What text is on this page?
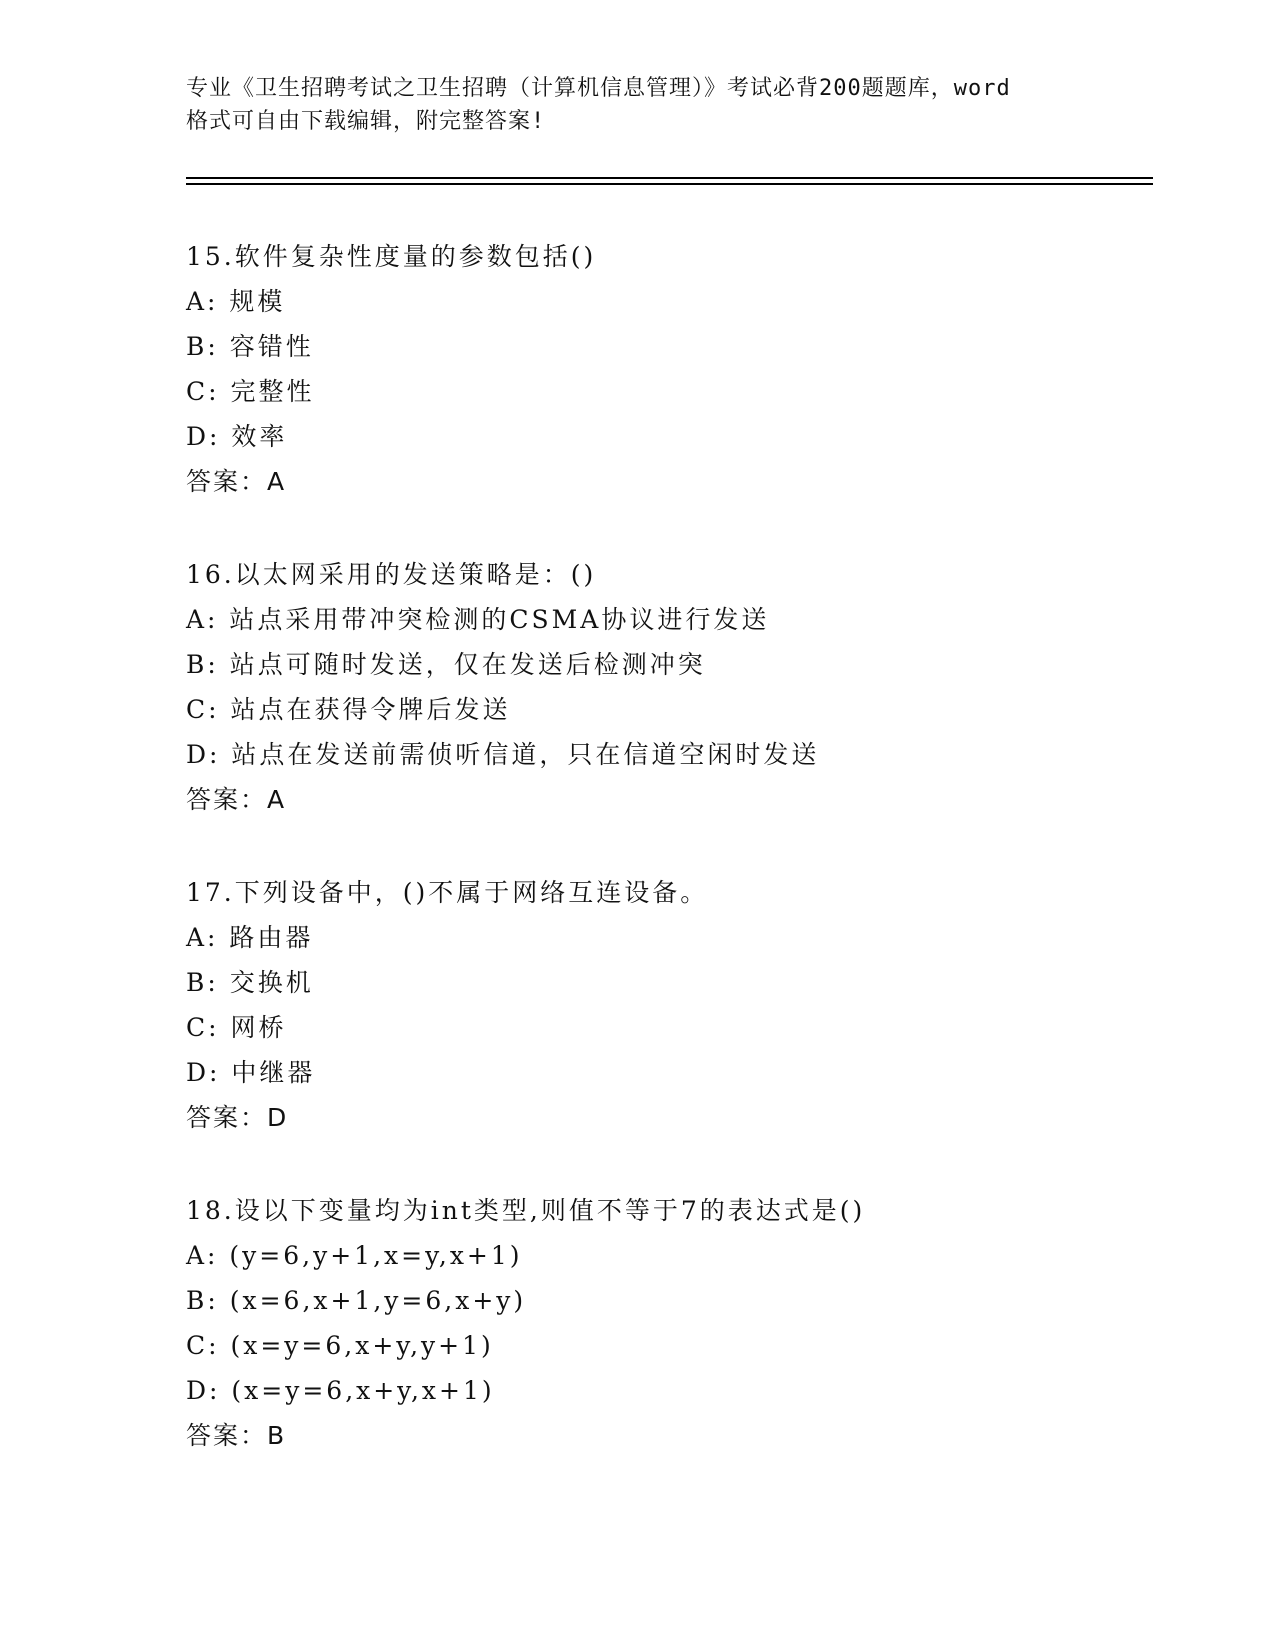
专业《卫生招聘考试之卫生招聘（计算机信息管理）》考试必背200题题库，word
格式可自由下载编辑，附完整答案!
15.软件复杂性度量的参数包括()
A: 规模
B: 容错性
C: 完整性
D: 效率
答案：A
16.以太网采用的发送策略是：()
A: 站点采用带冲突检测的CSMA协议进行发送
B: 站点可随时发送，仅在发送后检测冲突
C: 站点在获得令牌后发送
D: 站点在发送前需侦听信道，只在信道空闲时发送
答案：A
17.下列设备中，()不属于网络互连设备。
A: 路由器
B: 交换机
C: 网桥
D: 中继器
答案：D
18.设以下变量均为int类型,则值不等于7的表达式是()
A: (y=6,y+1,x=y,x+1)
B: (x=6,x+1,y=6,x+y)
C: (x=y=6,x+y,y+1)
D: (x=y=6,x+y,x+1)
答案：B
